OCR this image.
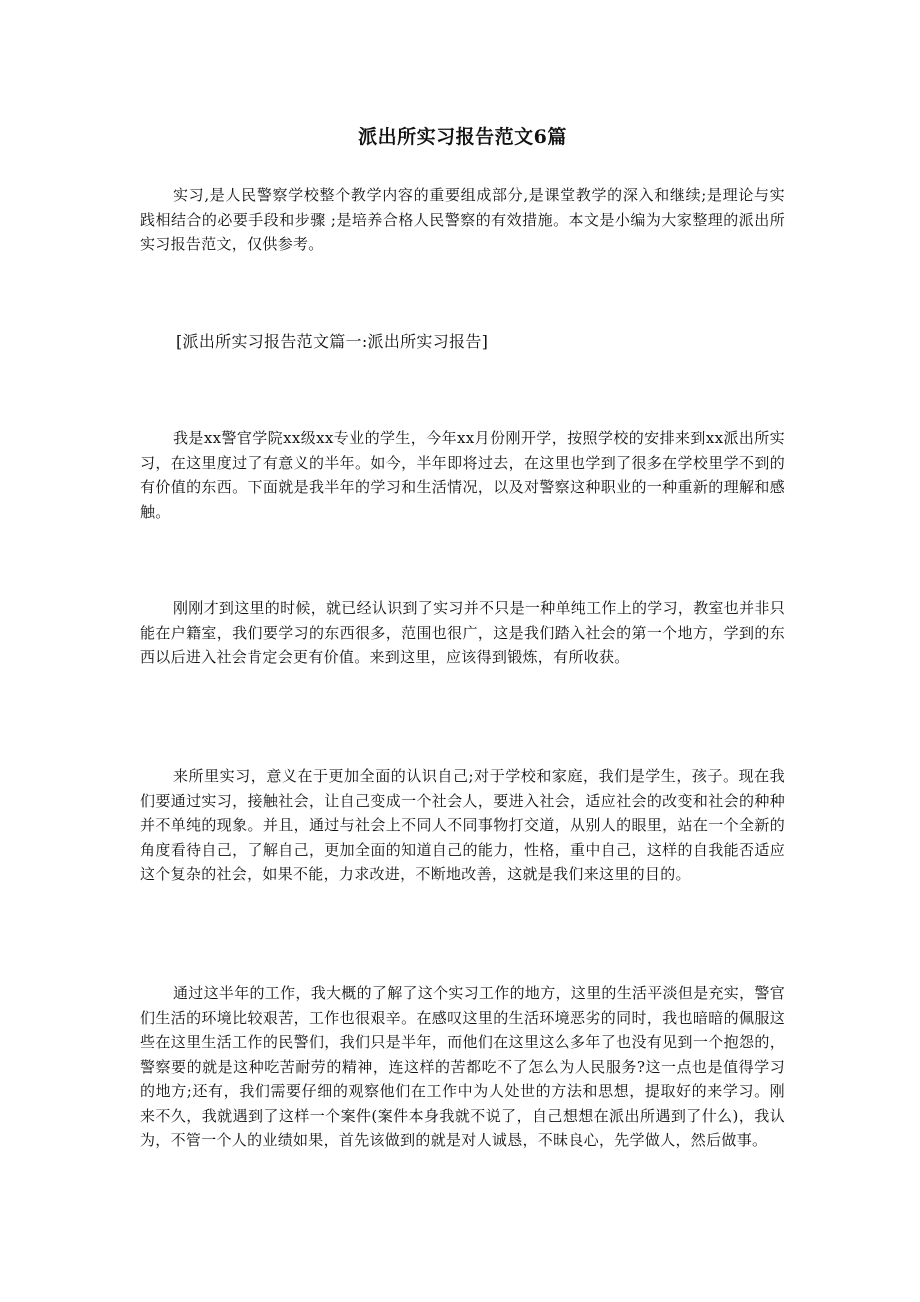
派出所实习报告范文6篇

实习,是人民警察学校整个教学内容的重要组成部分,是课堂教学的深入和继续;是理论与实践相结合的必要手段和步骤 ;是培养合格人民警察的有效措施。本文是小编为大家整理的派出所实习报告范文，仅供参考。

[派出所实习报告范文篇一:派出所实习报告]

我是xx警官学院xx级xx专业的学生，今年xx月份刚开学，按照学校的安排来到xx派出所实习，在这里度过了有意义的半年。如今，半年即将过去，在这里也学到了很多在学校里学不到的有价值的东西。下面就是我半年的学习和生活情况，以及对警察这种职业的一种重新的理解和感触。

刚刚才到这里的时候，就已经认识到了实习并不只是一种单纯工作上的学习，教室也并非只能在户籍室，我们要学习的东西很多，范围也很广，这是我们踏入社会的第一个地方，学到的东西以后进入社会肯定会更有价值。来到这里，应该得到锻炼，有所收获。

来所里实习，意义在于更加全面的认识自己;对于学校和家庭，我们是学生，孩子。现在我们要通过实习，接触社会，让自己变成一个社会人，要进入社会，适应社会的改变和社会的种种并不单纯的现象。并且，通过与社会上不同人不同事物打交道，从别人的眼里，站在一个全新的角度看待自己，了解自己，更加全面的知道自己的能力，性格，重中自己，这样的自我能否适应这个复杂的社会，如果不能，力求改进，不断地改善，这就是我们来这里的目的。

通过这半年的工作，我大概的了解了这个实习工作的地方，这里的生活平淡但是充实，警官们生活的环境比较艰苦，工作也很艰辛。在感叹这里的生活环境恶劣的同时，我也暗暗的佩服这些在这里生活工作的民警们，我们只是半年，而他们在这里这么多年了也没有见到一个抱怨的，警察要的就是这种吃苦耐劳的精神，连这样的苦都吃不了怎么为人民服务?这一点也是值得学习的地方;还有，我们需要仔细的观察他们在工作中为人处世的方法和思想，提取好的来学习。刚来不久，我就遇到了这样一个案件(案件本身我就不说了，自己想想在派出所遇到了什么)，我认为，不管一个人的业绩如果，首先该做到的就是对人诚恳，不昧良心，先学做人，然后做事。
